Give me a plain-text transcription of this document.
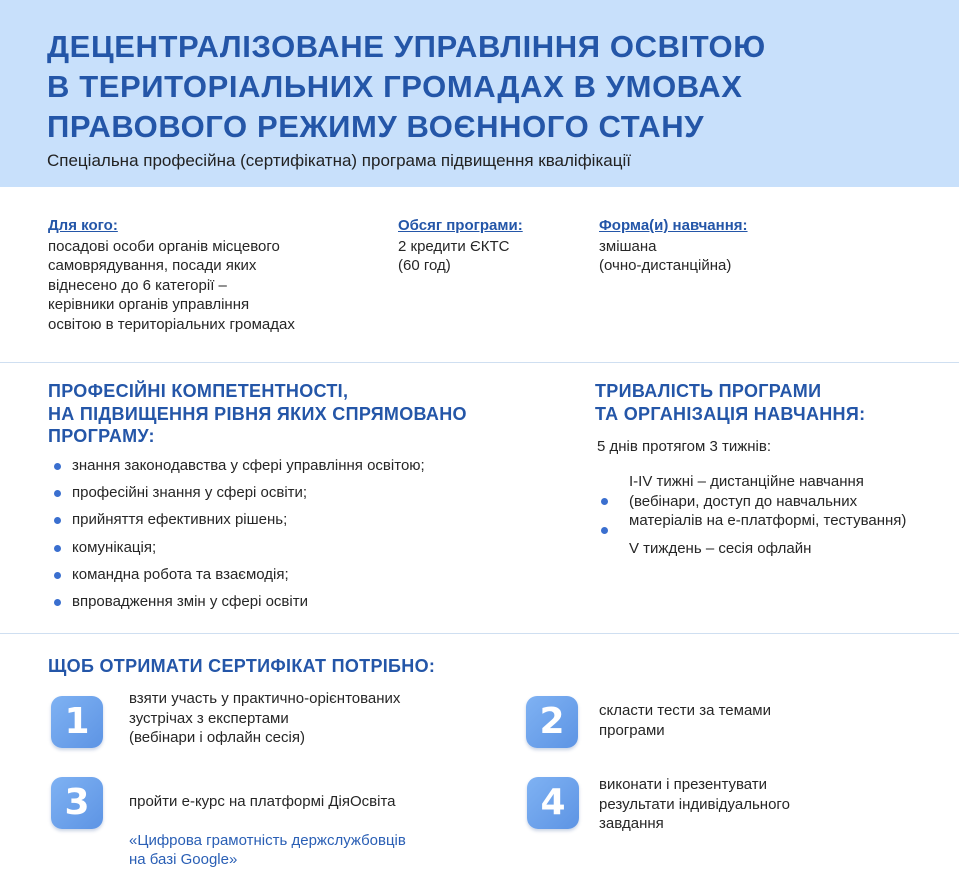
ДЕЦЕНТРАЛІЗОВАНЕ УПРАВЛІННЯ ОСВІТОЮ
В ТЕРИТОРІАЛЬНИХ ГРОМАДАХ В УМОВАХ
ПРАВОВОГО РЕЖИМУ ВОЄННОГО СТАНУ

Спеціальна професійна (сертифікатна) програма підвищення кваліфікації

Для кого:
посадові особи органів місцевого
самоврядування, посади яких
віднесено до 6 категорії –
керівники органів управління
освітою в територіальних громадах
Обсяг програми:
2 кредити ЄКТС
(60 год)
Форма(и) навчання:
змішана
(очно-дистанційна)
ПРОФЕСІЙНІ КОМПЕТЕНТНОСТІ,
НА ПІДВИЩЕННЯ РІВНЯ ЯКИХ СПРЯМОВАНО
ПРОГРАМУ:
знання законодавства у сфері управління освітою;
професійні знання у сфері освіти;
прийняття ефективних рішень;
комунікація;
командна робота та взаємодія;
впровадження змін у сфері освіти
ТРИВАЛІСТЬ ПРОГРАМИ
ТА ОРГАНІЗАЦІЯ НАВЧАННЯ:
5 днів протягом 3 тижнів:
І-ІV тижні – дистанційне навчання (вебінари, доступ до навчальних матеріалів на е-платформі, тестування)
V тиждень – сесія офлайн
ЩОБ ОТРИМАТИ СЕРТИФІКАТ ПОТРІБНО:
1
взяти участь у практично-орієнтованих
зустрічах з експертами
(вебінари і офлайн сесія)	2	скласти тести за темами
програми
3	пройти е-курс на платформі ДіяОсвіта

«Цифрова грамотність держслужбовців
на базі Google»

4	виконати і презентувати
результати індивідуального
завдання
